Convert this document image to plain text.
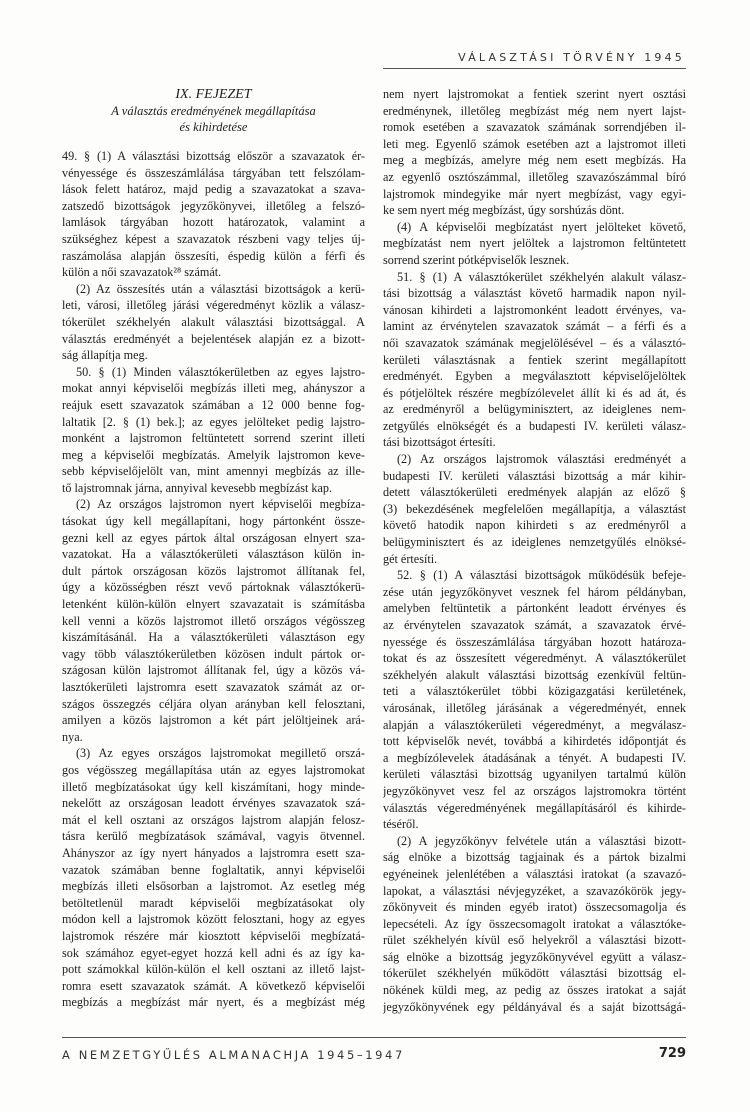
VÁLASZTÁSI TÖRVÉNY 1945
IX. FEJEZET
A választás eredményének megállapítása
és kihirdetése
49. § (1) A választási bizottság először a szavazatok ér-
vényessége és összeszámlálása tárgyában tett felszólam-
lások felett határoz, majd pedig a szavazatokat a szava-
zatszedő bizottságok jegyzőkönyvei, illetőleg a felszó-
lamlások tárgyában hozott határozatok, valamint a
szükséghez képest a szavazatok részbeni vagy teljes új-
raszámolása alapján összesíti, éspedig külön a férfi és
külön a női szavazatok²⁸ számát.
(2) Az összesítés után a választási bizottságok a kerü-
leti, városi, illetőleg járási végeredményt közlik a válasz-
tókerület székhelyén alakult választási bizottsággal. A
választás eredményét a bejelentések alapján ez a bizott-
ság állapítja meg.
50. § (1) Minden választókerületben az egyes lajstro-
mokat annyi képviselői megbízás illeti meg, ahányszor a
reájuk esett szavazatok számában a 12 000 benne fog-
laltatik [2. § (1) bek.]; az egyes jelölteket pedig lajstro-
monként a lajstromon feltüntetett sorrend szerint illeti
meg a képviselői megbízatás. Amelyik lajstromon keve-
sebb képviselőjelölt van, mint amennyi megbízás az ille-
tő lajstromnak járna, annyival kevesebb megbízást kap.
(2) Az országos lajstromon nyert képviselői megbíza-
tásokat úgy kell megállapítani, hogy pártonként össze-
gezni kell az egyes pártok által országosan elnyert sza-
vazatokat. Ha a választókerületi választáson külön in-
dult pártok országosan közös lajstromot állítanak fel,
úgy a közösségben részt vevő pártoknak választókerü-
letenként külön-külön elnyert szavazatait is számításba
kell venni a közös lajstromot illető országos végösszeg
kiszámításánál. Ha a választókerületi választáson egy
vagy több választókerületben közösen indult pártok or-
szágosan külön lajstromot állítanak fel, úgy a közös vá-
lasztókerületi lajstromra esett szavazatok számát az or-
szágos összegzés céljára olyan arányban kell felosztani,
amilyen a közös lajstromon a két párt jelöltjeinek ará-
nya.
(3) Az egyes országos lajstromokat megillető orszá-
gos végösszeg megállapítása után az egyes lajstromokat
illető megbízatásokat úgy kell kiszámítani, hogy minde-
nekelőtt az országosan leadott érvényes szavazatok szá-
mát el kell osztani az országos lajstrom alapján felosz-
tásra kerülő megbízatások számával, vagyis ötvennel.
Ahányszor az így nyert hányados a lajstromra esett sza-
vazatok számában benne foglaltatik, annyi képviselői
megbízás illeti elsősorban a lajstromot. Az esetleg még
betöltetlenül maradt képviselői megbízatásokat oly
módon kell a lajstromok között felosztani, hogy az egyes
lajstromok részére már kiosztott képviselői megbízatá-
sok számához egyet-egyet hozzá kell adni és az így ka-
pott számokkal külön-külön el kell osztani az illető lajst-
romra esett szavazatok számát. A következő képviselői
megbízás a megbízást már nyert, és a megbízást még
nem nyert lajstromokat a fentiek szerint nyert osztási
eredménynek, illetőleg megbízást még nem nyert lajst-
romok esetében a szavazatok számának sorrendjében il-
leti meg. Egyenlő számok esetében azt a lajstromot illeti
meg a megbízás, amelyre még nem esett megbízás. Ha
az egyenlő osztószámmal, illetőleg szavazószámmal bíró
lajstromok mindegyike már nyert megbízást, vagy egyi-
ke sem nyert még megbízást, úgy sorshúzás dönt.
(4) A képviselői megbízatást nyert jelölteket követő,
megbízatást nem nyert jelöltek a lajstromon feltüntetett
sorrend szerint pótképviselők lesznek.
51. § (1) A választókerület székhelyén alakult válasz-
tási bizottság a választást követő harmadik napon nyil-
vánosan kihirdeti a lajstromonként leadott érvényes, va-
lamint az érvénytelen szavazatok számát – a férfi és a
női szavazatok számának megjelölésével – és a választó-
kerületi választásnak a fentiek szerint megállapított
eredményét. Egyben a megválasztott képviselőjelöltek
és pótjelöltek részére megbízólevelet állít ki és ad át, és
az eredményről a belügyminisztert, az ideiglenes nem-
zetgyűlés elnökségét és a budapesti IV. kerületi válasz-
tási bizottságot értesíti.
(2) Az országos lajstromok választási eredményét a
budapesti IV. kerületi választási bizottság a már kihir-
detett választókerületi eredmények alapján az előző §
(3) bekezdésének megfelelően megállapítja, a választást
követő hatodik napon kihirdeti s az eredményről a
belügyminisztert és az ideiglenes nemzetgyűlés elnöksé-
gét értesíti.
52. § (1) A választási bizottságok működésük befeje-
zése után jegyzőkönyvet vesznek fel három példányban,
amelyben feltüntetik a pártonként leadott érvényes és
az érvénytelen szavazatok számát, a szavazatok érvé-
nyessége és összeszámlálása tárgyában hozott határoza-
tokat és az összesített végeredményt. A választókerület
székhelyén alakult választási bizottság ezenkívül feltün-
teti a választókerület többi közigazgatási kerületének,
városának, illetőleg járásának a végeredményét, ennek
alapján a választókerületi végeredményt, a megválasz-
tott képviselők nevét, továbbá a kihirdetés időpontját és
a megbízólevelek átadásának a tényét. A budapesti IV.
kerületi választási bizottság ugyanilyen tartalmú külön
jegyzőkönyvet vesz fel az országos lajstromokra történt
választás végeredményének megállapításáról és kihirde-
téséről.
(2) A jegyzőkönyv felvétele után a választási bizott-
ság elnöke a bizottság tagjainak és a pártok bizalmi
egyéneinek jelenlétében a választási iratokat (a szavazó-
lapokat, a választási névjegyzéket, a szavazókörök jegy-
zőkönyveit és minden egyéb iratot) összecsomagolja és
lepecsételi. Az így összecsomagolt iratokat a választóke-
rület székhelyén kívül eső helyekről a választási bizott-
ság elnöke a bizottság jegyzőkönyvével együtt a válasz-
tókerület székhelyén működött választási bizottság el-
nökének küldi meg, az pedig az összes iratokat a saját
jegyzőkönyvének egy példányával és a saját bizottságá-
A NEMZETGYŰLÉS ALMANACHJA 1945–1947	729
